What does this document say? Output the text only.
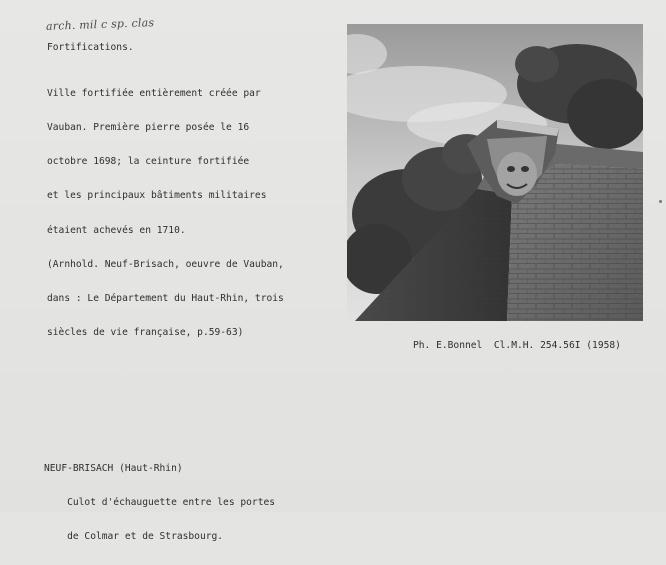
arch. mil c sp. clas
Fortifications.

Ville fortifiée entièrement créée par

Vauban. Première pierre posée le 16

octobre 1698; la ceinture fortifiée

et les principaux bâtiments militaires

étaient achevés en 1710.

(Arnhold. Neuf-Brisach, oeuvre de Vauban,

dans : Le Département du Haut-Rhin, trois

siècles de vie française, p.59-63)

Ph. E.Bonnel  Cl.M.H. 254.56I (1958)

NEUF-BRISACH (Haut-Rhin)

Culot d'échauguette entre les portes

de Colmar et de Strasbourg.
